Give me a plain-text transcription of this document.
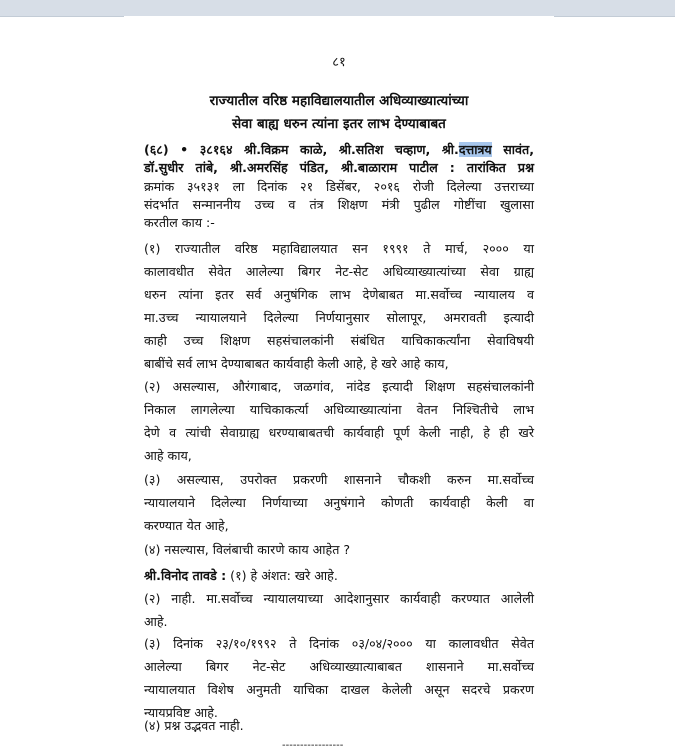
८१
राज्यातील वरिष्ठ महाविद्यालयातील अधिव्याख्यात्यांच्या
सेवा बाह्य धरुन त्यांना इतर लाभ देण्याबाबत
(६८) • ३८१६४ श्री.विक्रम काळे, श्री.सतिश चव्हाण, श्री.दत्तात्रय सावंत,
डॉ.सुधीर तांबे, श्री.अमरसिंह पंडित, श्री.बाळाराम पाटील : तारांकित प्रश्न
क्रमांक ३५१३१ ला दिनांक २१ डिसेंबर, २०१६ रोजी दिलेल्या उत्तराच्या
संदर्भात सन्माननीय उच्च व तंत्र शिक्षण मंत्री पुढील गोष्टींचा खुलासा
करतील काय :-
(१) राज्यातील वरिष्ठ महाविद्यालयात सन १९९१ ते मार्च, २००० या
कालावधीत सेवेत आलेल्या बिगर नेट-सेट अधिव्याख्यात्यांच्या सेवा ग्राह्य
धरुन त्यांना इतर सर्व अनुषंगिक लाभ देणेबाबत मा.सर्वोच्च न्यायालय व
मा.उच्च न्यायालयाने दिलेल्या निर्णयानुसार सोलापूर, अमरावती इत्यादी
काही उच्च शिक्षण सहसंचालकांनी संबंधित याचिकाकर्त्यांना सेवाविषयी
बाबींचे सर्व लाभ देण्याबाबत कार्यवाही केली आहे, हे खरे आहे काय,
(२) असल्यास, औरंगाबाद, जळगांव, नांदेड इत्यादी शिक्षण सहसंचालकांनी
निकाल लागलेल्या याचिकाकर्त्या अधिव्याख्यात्यांना वेतन निश्चितीचे लाभ
देणे व त्यांची सेवाग्राह्य धरण्याबाबतची कार्यवाही पूर्ण केली नाही, हे ही खरे
आहे काय,
(३) असल्यास, उपरोक्त प्रकरणी शासनाने चौकशी करुन मा.सर्वोच्च
न्यायालयाने दिलेल्या निर्णयाच्या अनुषंगाने कोणती कार्यवाही केली वा
करण्यात येत आहे,
(४) नसल्यास, विलंबाची कारणे काय आहेत ?
श्री.विनोद तावडे : (१) हे अंशत: खरे आहे.
(२) नाही. मा.सर्वोच्च न्यायालयाच्या आदेशानुसार कार्यवाही करण्यात आलेली
आहे.
(३) दिनांक २३/१०/१९९२ ते दिनांक ०३/०४/२००० या कालावधीत सेवेत
आलेल्या बिगर नेट-सेट अधिव्याख्यात्याबाबत शासनाने मा.सर्वोच्च
न्यायालयात विशेष अनुमती याचिका दाखल केलेली असून सदरचे प्रकरण
न्यायप्रविष्ट आहे.
(४) प्रश्न उद्भवत नाही.
-----------------
